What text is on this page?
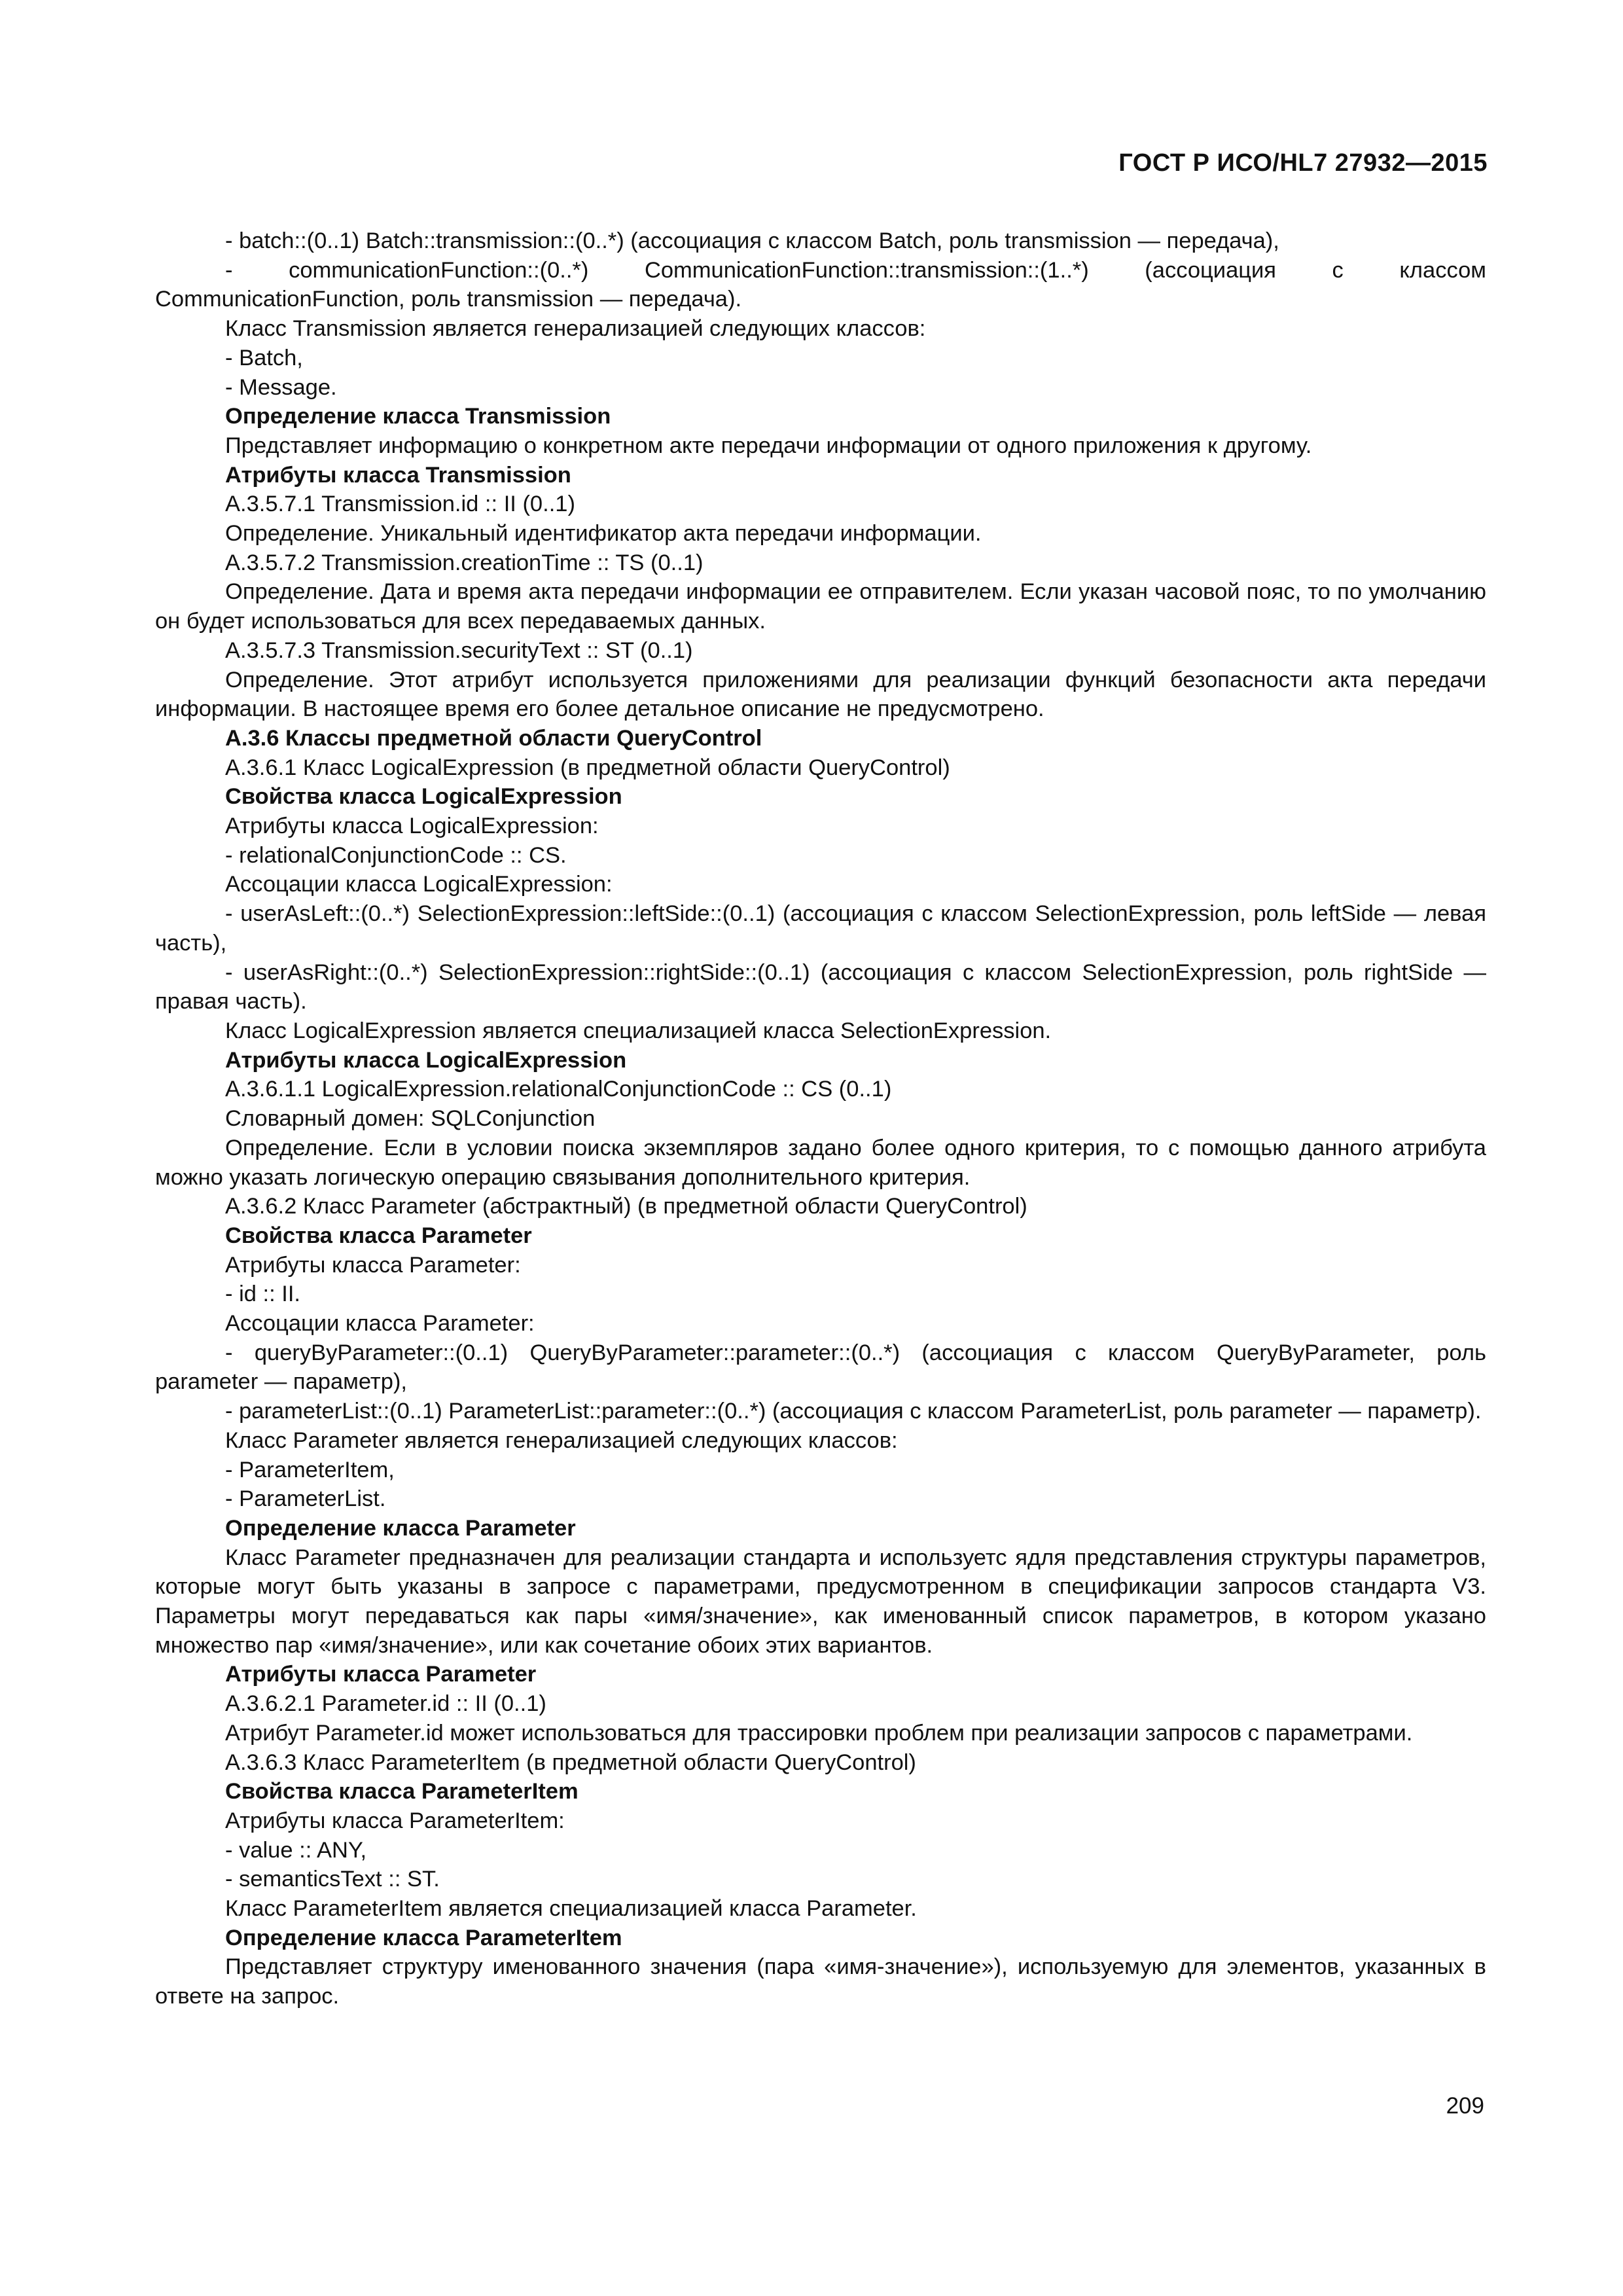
ГОСТ Р ИСО/HL7 27932—2015

- batch::(0..1) Batch::transmission::(0..*) (ассоциация с классом Batch, роль transmission — передача),

- communicationFunction::(0..*) CommunicationFunction::transmission::(1..*) (ассоциация с классом CommunicationFunction, роль transmission — передача).

Класс Transmission является генерализацией следующих классов:

- Batch,

- Message.

Определение класса Transmission

Представляет информацию о конкретном акте передачи информации от одного приложения к другому.

Атрибуты класса Transmission

A.3.5.7.1 Transmission.id :: II (0..1)

Определение. Уникальный идентификатор акта передачи информации.

A.3.5.7.2 Transmission.creationTime :: TS (0..1)

Определение. Дата и время акта передачи информации ее отправителем. Если указан часовой пояс, то по умолчанию он будет использоваться для всех передаваемых данных.

A.3.5.7.3 Transmission.securityText :: ST (0..1)

Определение. Этот атрибут используется приложениями для реализации функций безопасности акта передачи информации. В настоящее время его более детальное описание не предусмотрено.

A.3.6 Классы предметной области QueryControl

A.3.6.1 Класс LogicalExpression (в предметной области QueryControl)

Свойства класса LogicalExpression

Атрибуты класса LogicalExpression:

- relationalConjunctionCode :: CS.

Ассоцации класса LogicalExpression:

- userAsLeft::(0..*) SelectionExpression::leftSide::(0..1) (ассоциация с классом SelectionExpression, роль leftSide — левая часть),

- userAsRight::(0..*) SelectionExpression::rightSide::(0..1) (ассоциация с классом SelectionExpression, роль rightSide — правая часть).

Класс LogicalExpression является специализацией класса SelectionExpression.

Атрибуты класса LogicalExpression

A.3.6.1.1 LogicalExpression.relationalConjunctionCode :: CS (0..1)

Словарный домен: SQLConjunction

Определение. Если в условии поиска экземпляров задано более одного критерия, то с помощью данного атрибута можно указать логическую операцию связывания дополнительного критерия.

A.3.6.2 Класс Parameter (абстрактный) (в предметной области QueryControl)

Свойства класса Parameter

Атрибуты класса Parameter:

- id :: II.

Ассоцации класса Parameter:

- queryByParameter::(0..1) QueryByParameter::parameter::(0..*) (ассоциация с классом QueryByParameter, роль parameter — параметр),

- parameterList::(0..1) ParameterList::parameter::(0..*) (ассоциация с классом ParameterList, роль parameter — параметр).

Класс Parameter является генерализацией следующих классов:

- ParameterItem,

- ParameterList.

Определение класса Parameter

Класс Parameter предназначен для реализации стандарта и используетс ядля представления структуры параметров, которые могут быть указаны в запросе с параметрами, предусмотренном в спецификации запросов стандарта V3. Параметры могут передаваться как пары «имя/значение», как именованный список параметров, в котором указано множество пар «имя/значение», или как сочетание обоих этих вариантов.

Атрибуты класса Parameter

A.3.6.2.1 Parameter.id :: II (0..1)

Атрибут Parameter.id может использоваться для трассировки проблем при реализации запросов с параметрами.

A.3.6.3 Класс ParameterItem (в предметной области QueryControl)

Свойства класса ParameterItem

Атрибуты класса ParameterItem:

- value :: ANY,

- semanticsText :: ST.

Класс ParameterItem является специализацией класса Parameter.

Определение класса ParameterItem

Представляет структуру именованного значения (пара «имя-значение»), используемую для элементов, указанных в ответе на запрос.

209
